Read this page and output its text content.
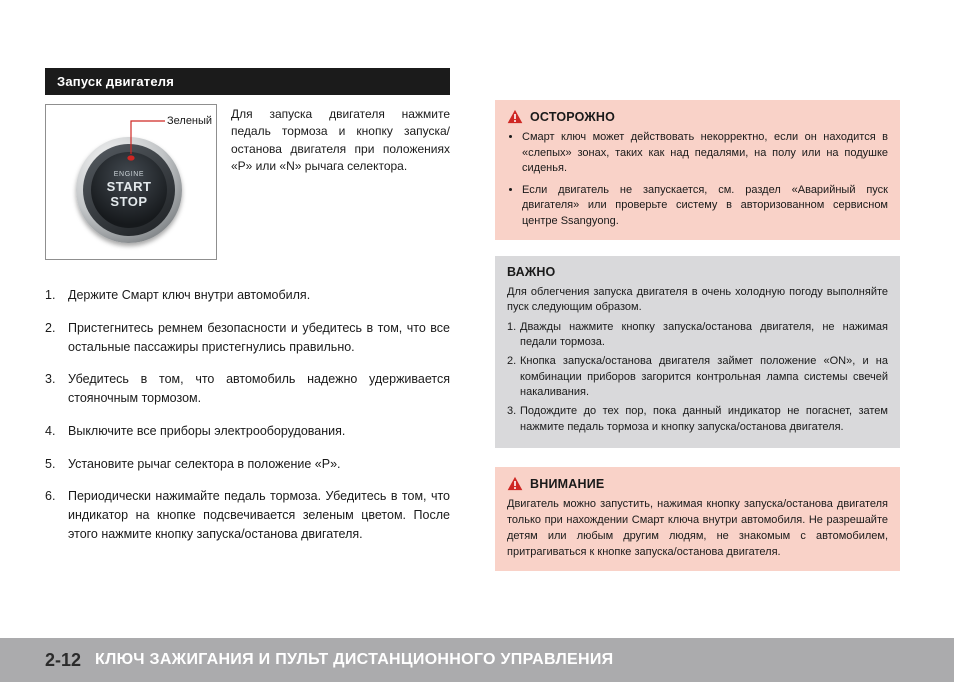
Запуск двигателя
ENGINE
START
STOP
Зеленый Для запуска двигателя нажмите педаль тормоза и кнопку запуска/останова двигателя при положениях «P» или «N» рычага селектора.
1.	Держите Смарт ключ внутри автомобиля.
2.	Пристегнитесь ремнем безопасности и убедитесь в том, что все остальные пассажиры пристегнулись правильно.
3.	Убедитесь в том, что автомобиль надежно удерживается стояночным тормозом.
4.	Выключите все приборы электрооборудования.
5.	Установите рычаг селектора в положение «P».
6.	Периодически нажимайте педаль тормоза. Убедитесь в том, что индикатор на кнопке подсвечивается зеленым цветом. После этого нажмите кнопку запуска/останова двигателя.
ОСТОРОЖНО
• Смарт ключ может действовать некорректно, если он находится в «слепых» зонах, таких как над педалями, на полу или на подушке сиденья.
• Если двигатель не запускается, см. раздел «Аварийный пуск двигателя» или проверьте систему в авторизованном сервисном центре Ssangyong.
ВАЖНО
Для облегчения запуска двигателя в очень холодную погоду выполняйте пуск следующим образом.
1. Дважды нажмите кнопку запуска/останова двигателя, не нажимая педали тормоза.
2. Кнопка запуска/останова двигателя займет положение «ON», и на комбинации приборов загорится контрольная лампа системы свечей накаливания.
3. Подождите до тех пор, пока данный индикатор не погаснет, затем нажмите педаль тормоза и кнопку запуска/останова двигателя.
ВНИМАНИЕ
Двигатель можно запустить, нажимая кнопку запуска/останова двигателя только при нахождении Смарт ключа внутри автомобиля. Не разрешайте детям или любым другим людям, не знакомым с автомобилем, притрагиваться к кнопке запуска/останова двигателя.
2-12 КЛЮЧ ЗАЖИГАНИЯ И ПУЛЬТ ДИСТАНЦИОННОГО УПРАВЛЕНИЯ
